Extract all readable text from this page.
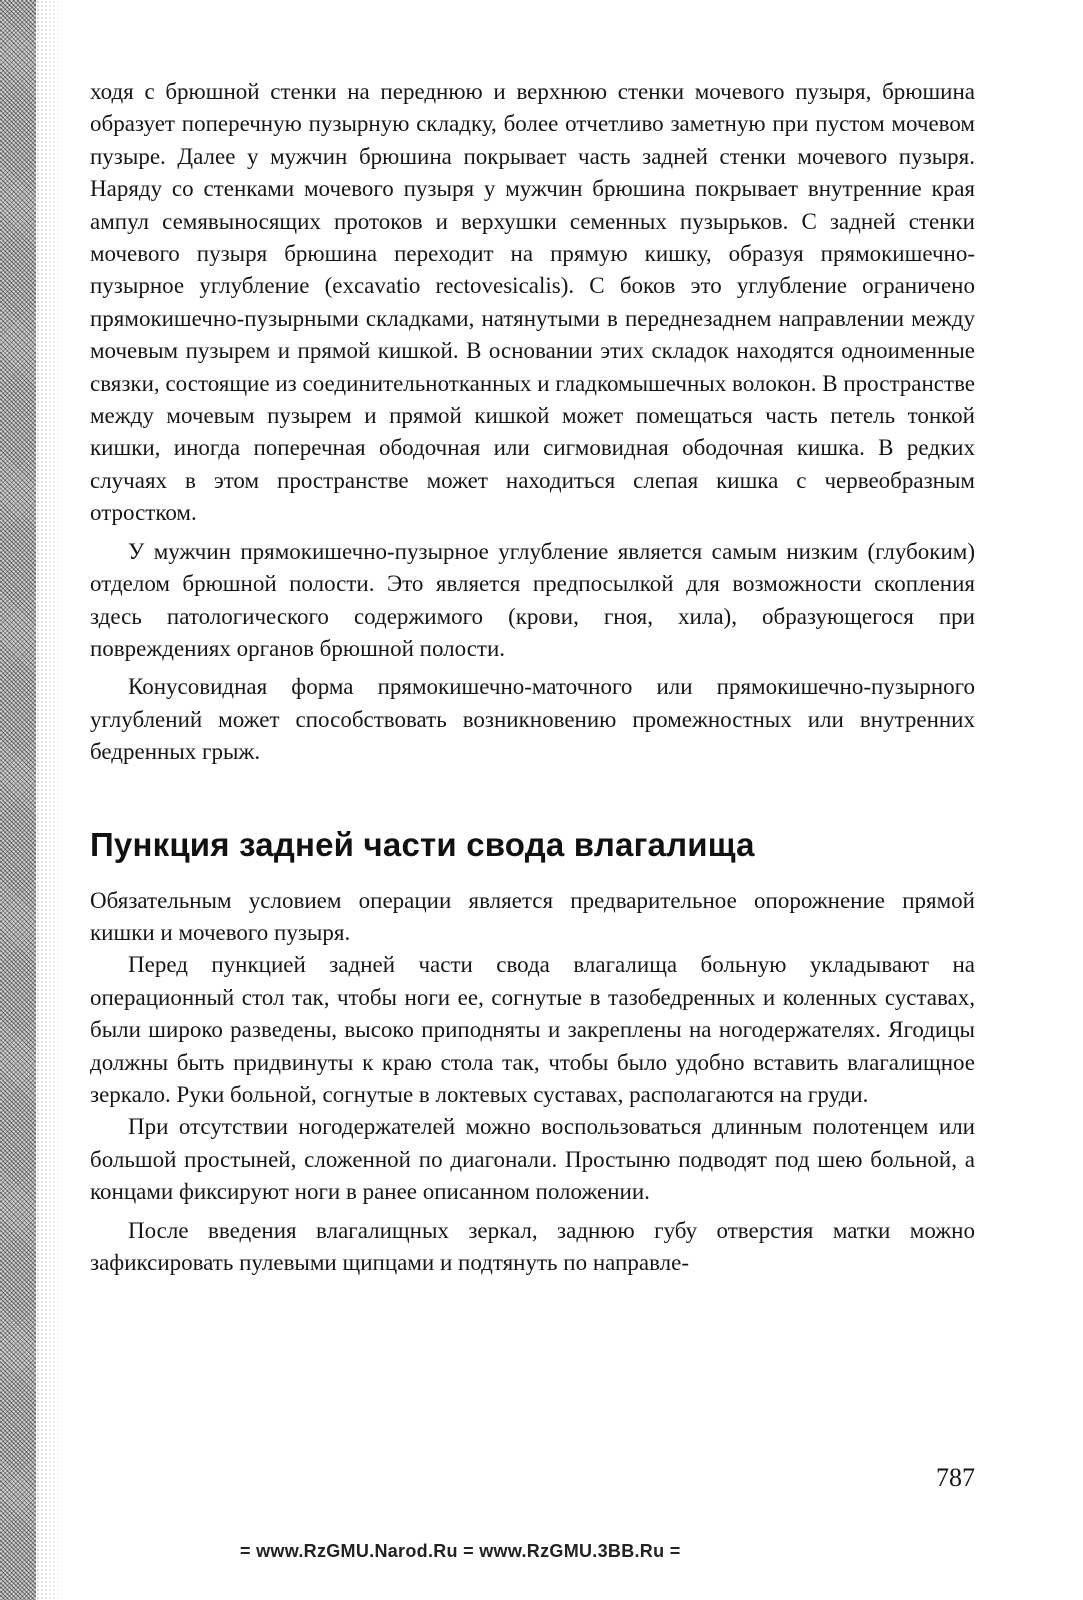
ходя с брюшной стенки на переднюю и верхнюю стенки мочевого пузыря, брюшина образует поперечную пузырную складку, более отчетливо заметную при пустом мочевом пузыре. Далее у мужчин брюшина покрывает часть задней стенки мочевого пузыря. Наряду со стенками мочевого пузыря у мужчин брюшина покрывает внутренние края ампул семявыносящих протоков и верхушки семенных пузырьков. С задней стенки мочевого пузыря брюшина переходит на прямую кишку, образуя прямокишечно-пузырное углубление (excavatio rectovesicalis). С боков это углубление ограничено прямокишечно-пузырными складками, натянутыми в переднезаднем направлении между мочевым пузырем и прямой кишкой. В основании этих складок находятся одноименные связки, состоящие из соединительнотканных и гладкомышечных волокон. В пространстве между мочевым пузырем и прямой кишкой может помещаться часть петель тонкой кишки, иногда поперечная ободочная или сигмовидная ободочная кишка. В редких случаях в этом пространстве может находиться слепая кишка с червеобразным отростком.

У мужчин прямокишечно-пузырное углубление является самым низким (глубоким) отделом брюшной полости. Это является предпосылкой для возможности скопления здесь патологического содержимого (крови, гноя, хила), образующегося при повреждениях органов брюшной полости.

Конусовидная форма прямокишечно-маточного или прямокишечно-пузырного углублений может способствовать возникновению промежностных или внутренних бедренных грыж.

Пункция задней части свода влагалища

Обязательным условием операции является предварительное опорожнение прямой кишки и мочевого пузыря.

Перед пункцией задней части свода влагалища больную укладывают на операционный стол так, чтобы ноги ее, согнутые в тазобедренных и коленных суставах, были широко разведены, высоко приподняты и закреплены на ногодержателях. Ягодицы должны быть придвинуты к краю стола так, чтобы было удобно вставить влагалищное зеркало. Руки больной, согнутые в локтевых суставах, располагаются на груди.

При отсутствии ногодержателей можно воспользоваться длинным полотенцем или большой простыней, сложенной по диагонали. Простыню подводят под шею больной, а концами фиксируют ноги в ранее описанном положении.

После введения влагалищных зеркал, заднюю губу отверстия матки можно зафиксировать пулевыми щипцами и подтянуть по направле-

787
= www.RzGMU.Narod.Ru = www.RzGMU.3BB.Ru =
